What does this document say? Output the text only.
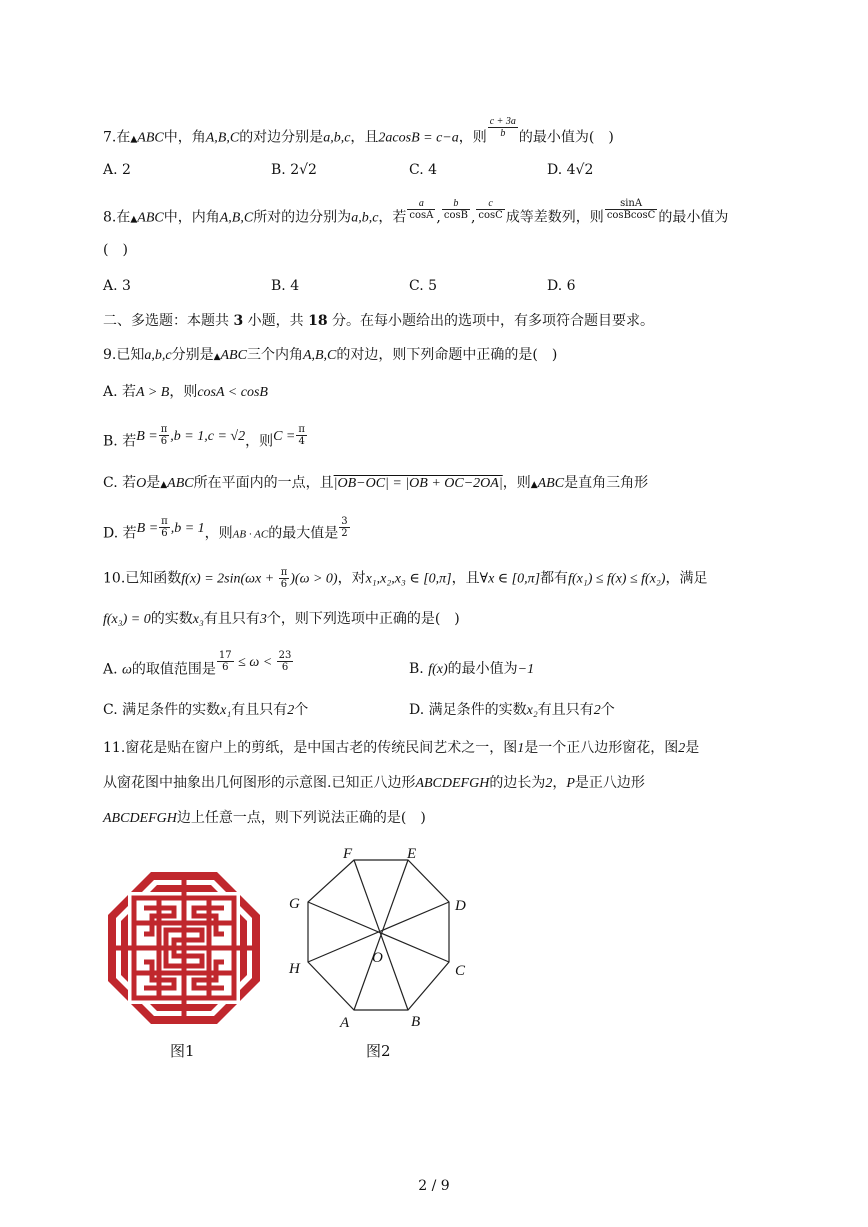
7.在▲ABC中，角A,B,C的对边分别是a,b,c，且2acosB = c−a，则 $\frac{c + 3a}{b}$ 的最小值为(　)
A. 2	B. 2√2	C. 4	D. 4√2
8.在▲ABC中，内角A,B,C所对的边分别为a,b,c，若 $\frac{a}{\cos A}$ , $\frac{b}{\cos B}$ , $\frac{c}{\cos C}$ 成等差数列，则 $\frac{\sin A}{\text{cosBcosC}}$ 的最小值为
(　)
A. 3	B. 4	C. 5	D. 6
二、多选题：本题共 3 小题，共 18 分。在每小题给出的选项中，有多项符合题目要求。
9.已知a,b,c分别是▲ABC三个内角A,B,C的对边，则下列命题中正确的是(　)
A. 若A > B，则cosA < cosB
B. 若$B = \frac{\pi}{6} ,b = 1,c = √2$，则$C = \frac{\pi}{4}$
C. 若O是▲ABC所在平面内的一点，且|OB−OC| = |OB + OC−2OA|，则▲ABC是直角三角形
D. 若$B = \frac{\pi}{6} ,b = 1$，则AB · AC的最大值是 $\frac{3}{2}$
10.已知函数$f(x) = 2\sin(\omega x + \frac{\pi}{6} )(\omega > 0)$，对x₁,x₂,x₃ ∈ [0,π]，且∀x ∈ [0,π]都有f(x₁) ≤ f(x) ≤ f(x₂)，满足
f(x₃) = 0的实数x₃有且只有3个，则下列选项中正确的是(　)
A. ω的取值范围是 $\frac{17}{6} \le \omega < \frac{23}{6}$	B. f(x)的最小值为−1
C. 满足条件的实数x₁有且只有2个	D. 满足条件的实数x₂有且只有2个
11.窗花是贴在窗户上的剪纸，是中国古老的传统民间艺术之一，图1是一个正八边形窗花，图2是
从窗花图中抽象出几何图形的示意图.已知正八边形ABCDEFGH的边长为2，P是正八边形
ABCDEFGH边上任意一点，则下列说法正确的是(　)
F	E
G	D
H	C
O
A	B
图1	图2
2 / 9
